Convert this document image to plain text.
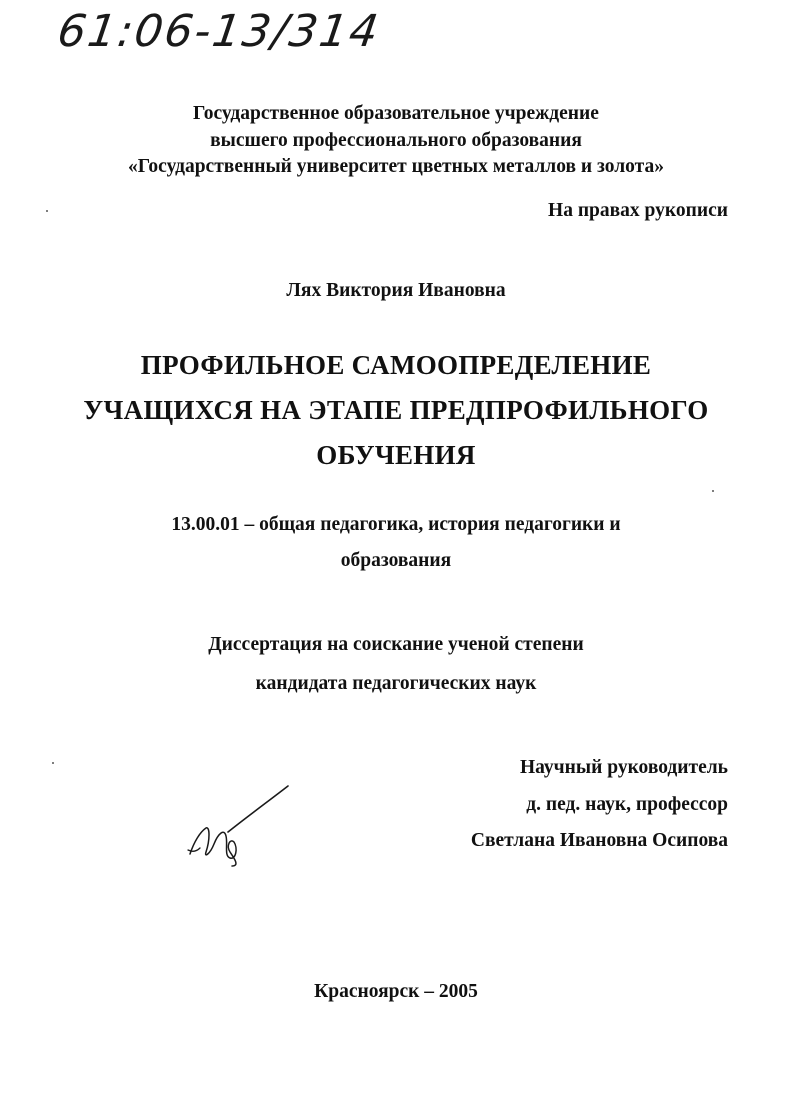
61:06-13/314
Государственное образовательное учреждение
высшего профессионального образования
«Государственный университет цветных металлов и золота»
На правах рукописи
Лях Виктория Ивановна
ПРОФИЛЬНОЕ САМООПРЕДЕЛЕНИЕ
УЧАЩИХСЯ НА ЭТАПЕ ПРЕДПРОФИЛЬНОГО
ОБУЧЕНИЯ
13.00.01 – общая педагогика, история педагогики и
образования
Диссертация на соискание ученой степени
кандидата педагогических наук
Научный руководитель
д. пед. наук, профессор
Светлана Ивановна Осипова
Красноярск – 2005
